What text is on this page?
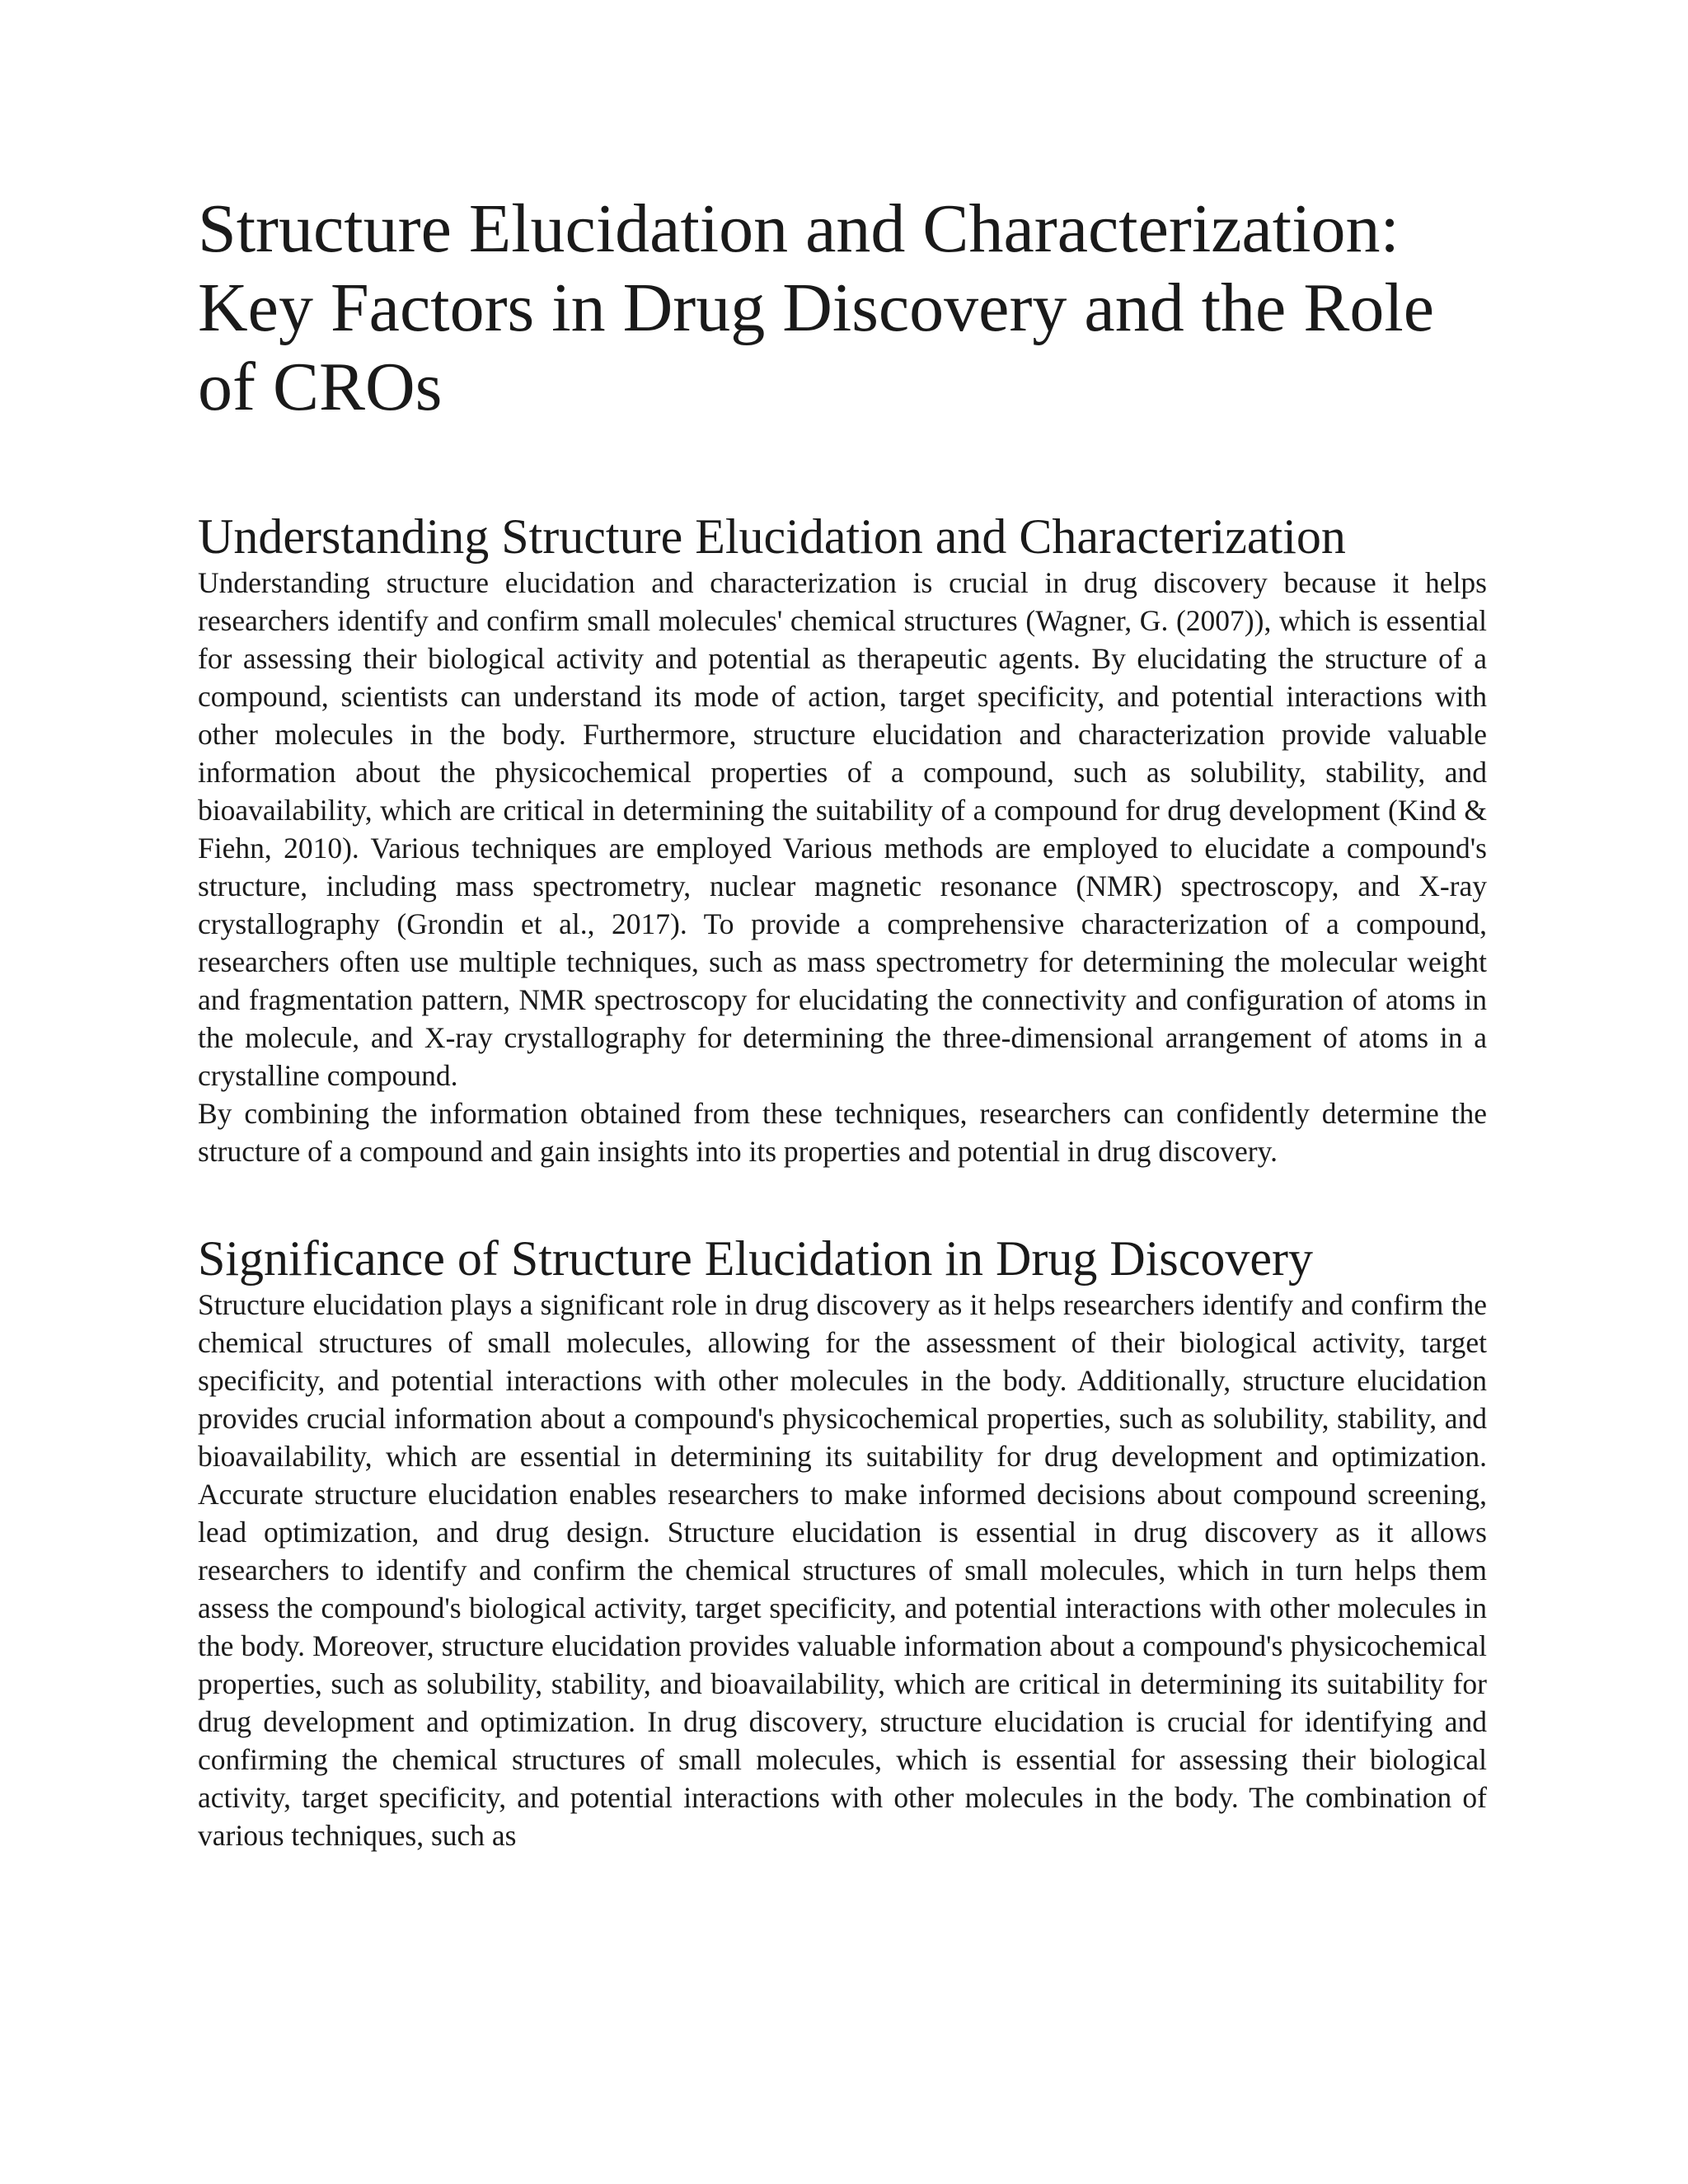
Structure Elucidation and Characterization: Key Factors in Drug Discovery and the Role of CROs
Understanding Structure Elucidation and Characterization

Understanding structure elucidation and characterization is crucial in drug discovery because it helps researchers identify and confirm small molecules' chemical structures (Wagner, G. (2007)), which is essential for assessing their biological activity and potential as therapeutic agents. By elucidating the structure of a compound, scientists can understand its mode of action, target specificity, and potential interactions with other molecules in the body. Furthermore, structure elucidation and characterization provide valuable information about the physicochemical properties of a compound, such as solubility, stability, and bioavailability, which are critical in determining the suitability of a compound for drug development (Kind & Fiehn, 2010). Various techniques are employed Various methods are employed to elucidate a compound's structure, including mass spectrometry, nuclear magnetic resonance (NMR) spectroscopy, and X-ray crystallography (Grondin et al., 2017). To provide a comprehensive characterization of a compound, researchers often use multiple techniques, such as mass spectrometry for determining the molecular weight and fragmentation pattern, NMR spectroscopy for elucidating the connectivity and configuration of atoms in the molecule, and X-ray crystallography for determining the three-dimensional arrangement of atoms in a crystalline compound.

By combining the information obtained from these techniques, researchers can confidently determine the structure of a compound and gain insights into its properties and potential in drug discovery.

Significance of Structure Elucidation in Drug Discovery

Structure elucidation plays a significant role in drug discovery as it helps researchers identify and confirm the chemical structures of small molecules, allowing for the assessment of their biological activity, target specificity, and potential interactions with other molecules in the body. Additionally, structure elucidation provides crucial information about a compound's physicochemical properties, such as solubility, stability, and bioavailability, which are essential in determining its suitability for drug development and optimization. Accurate structure elucidation enables researchers to make informed decisions about compound screening, lead optimization, and drug design. Structure elucidation is essential in drug discovery as it allows researchers to identify and confirm the chemical structures of small molecules, which in turn helps them assess the compound's biological activity, target specificity, and potential interactions with other molecules in the body. Moreover, structure elucidation provides valuable information about a compound's physicochemical properties, such as solubility, stability, and bioavailability, which are critical in determining its suitability for drug development and optimization. In drug discovery, structure elucidation is crucial for identifying and confirming the chemical structures of small molecules, which is essential for assessing their biological activity, target specificity, and potential interactions with other molecules in the body. The combination of various techniques, such as
